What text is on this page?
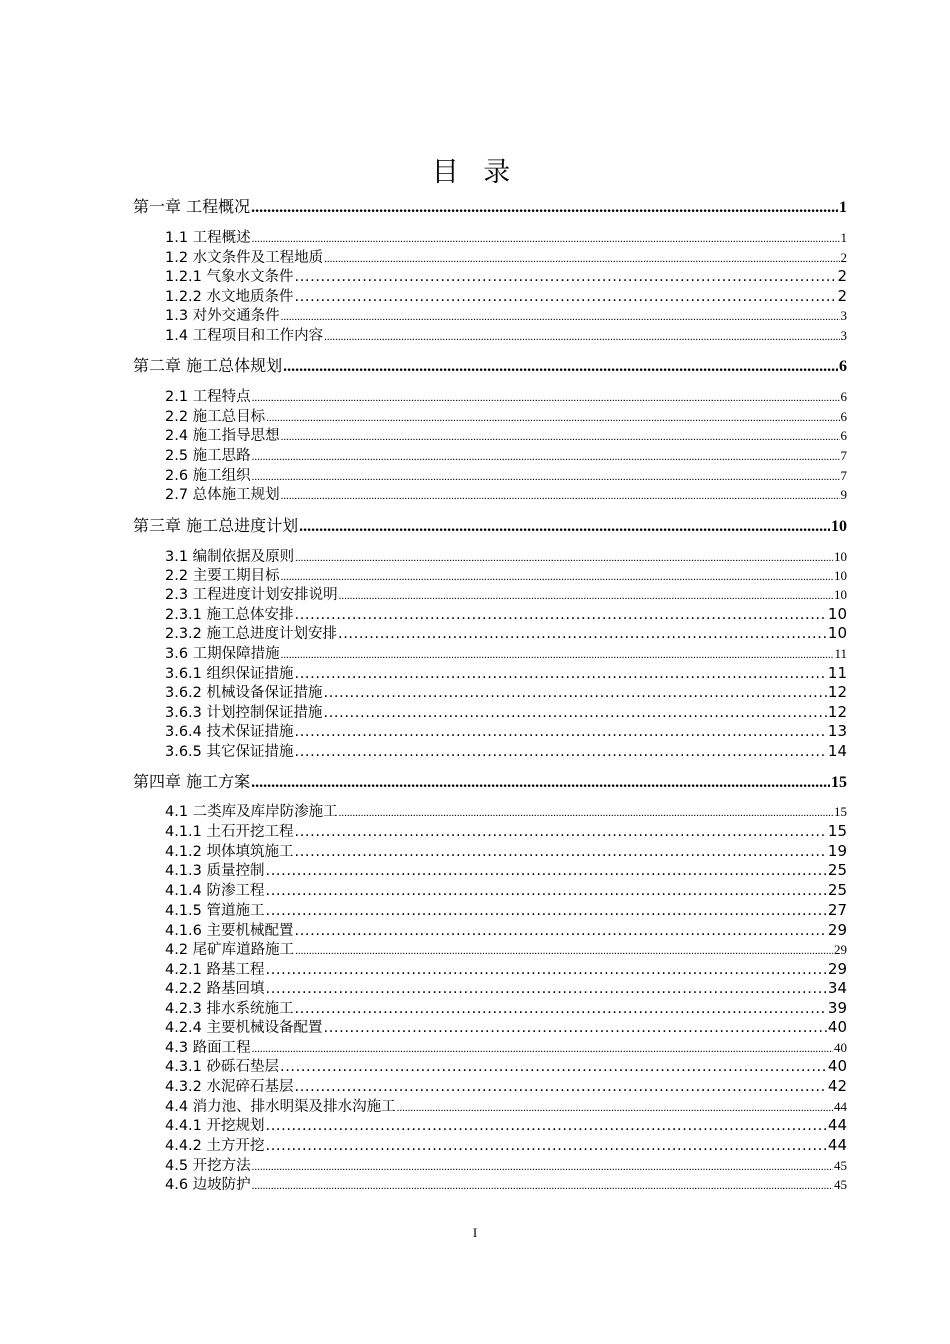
目 录
第一章 工程概况 .....	1
1.1 工程概述 .....	1
1.2 水文条件及工程地质 .....	2
1.2.1 气象水文条件 .....	2
1.2.2 水文地质条件 .....	2
1.3 对外交通条件 .....	3
1.4 工程项目和工作内容 .....	3
第二章 施工总体规划 .....	6
2.1 工程特点 .....	6
2.2 施工总目标 .....	6
2.4 施工指导思想 .....	6
2.5 施工思路 .....	7
2.6 施工组织 .....	7
2.7 总体施工规划 .....	9
第三章 施工总进度计划 .....	10
3.1 编制依据及原则 .....	10
2.2 主要工期目标 .....	10
2.3 工程进度计划安排说明 .....	10
2.3.1 施工总体安排 .....	10
2.3.2 施工总进度计划安排 .....	10
3.6 工期保障措施 .....	11
3.6.1 组织保证措施 .....	11
3.6.2 机械设备保证措施 .....	12
3.6.3 计划控制保证措施 .....	12
3.6.4 技术保证措施 .....	13
3.6.5 其它保证措施 .....	14
第四章 施工方案 .....	15
4.1 二类库及库岸防渗施工 .....	15
4.1.1 土石开挖工程 .....	15
4.1.2 坝体填筑施工 .....	19
4.1.3 质量控制 .....	25
4.1.4 防渗工程 .....	25
4.1.5 管道施工 .....	27
4.1.6 主要机械配置 .....	29
4.2 尾矿库道路施工 .....	29
4.2.1 路基工程 .....	29
4.2.2 路基回填 .....	34
4.2.3 排水系统施工 .....	39
4.2.4 主要机械设备配置 .....	40
4.3 路面工程 .....	40
4.3.1 砂砾石垫层 .....	40
4.3.2 水泥碎石基层 .....	42
4.4 消力池、排水明渠及排水沟施工 .....	44
4.4.1 开挖规划 .....	44
4.4.2 土方开挖 .....	44
4.5 开挖方法 .....	45
4.6 边坡防护 .....	45
I
